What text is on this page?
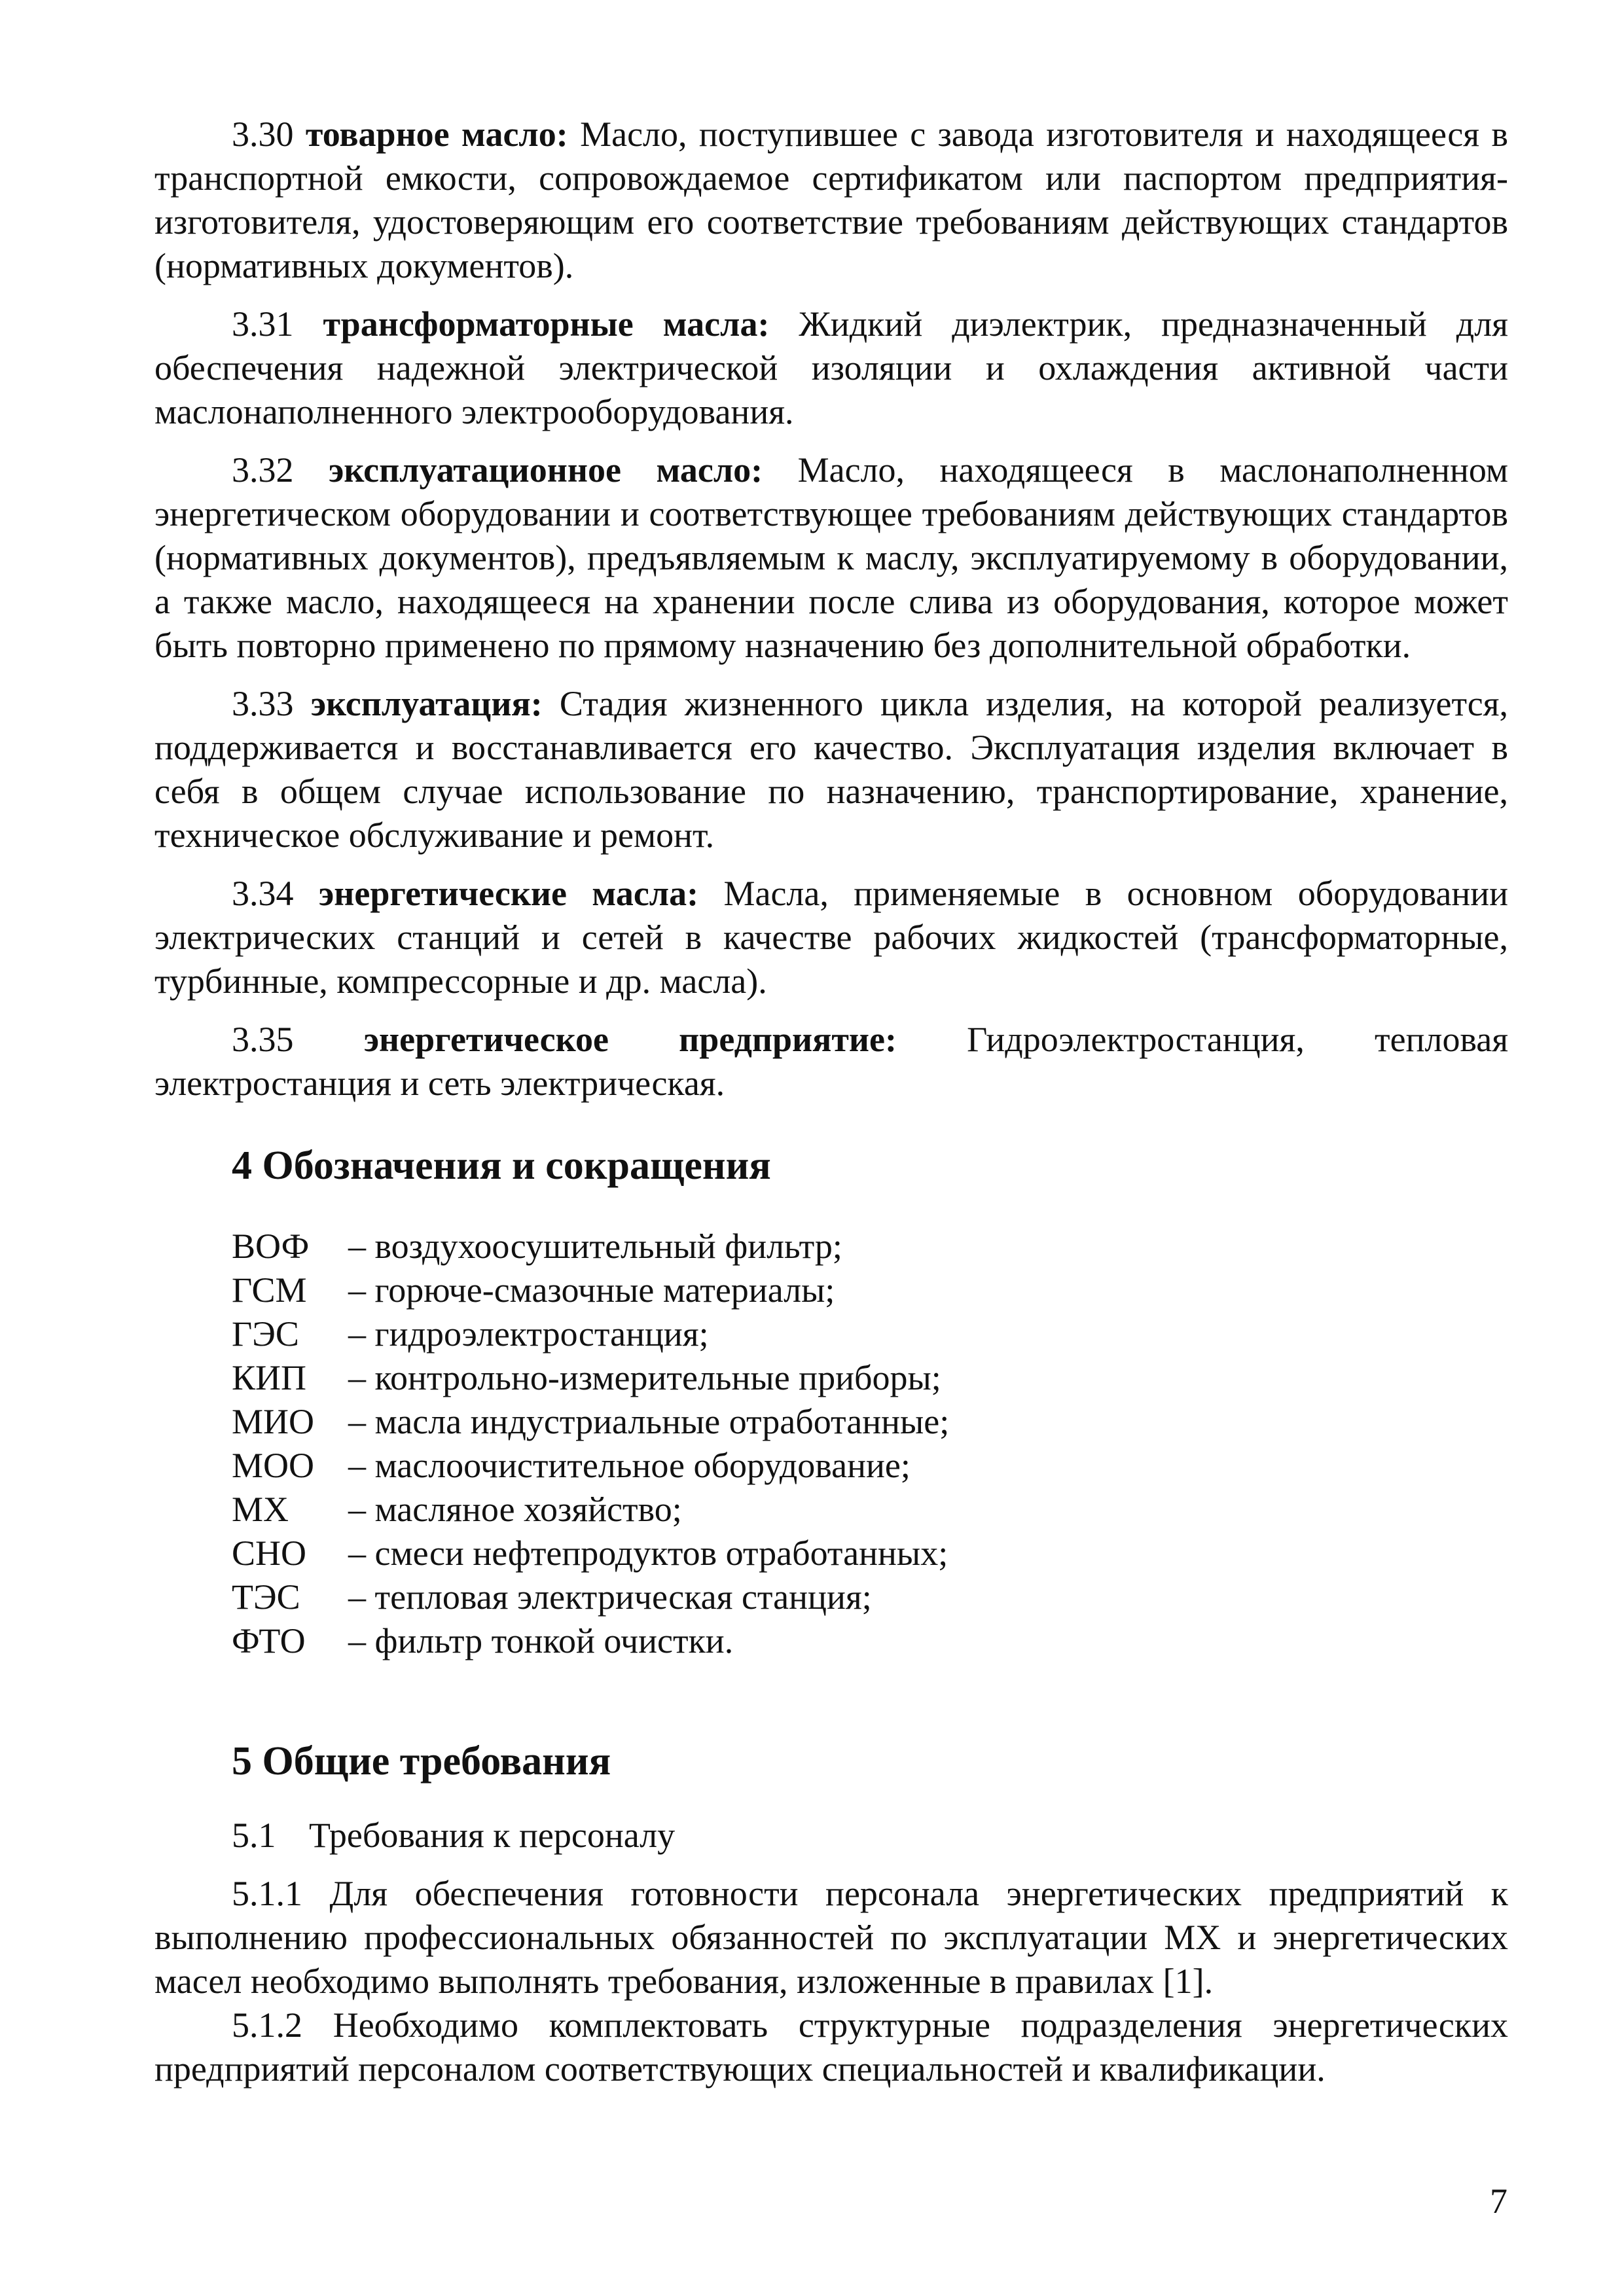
3.30 товарное масло: Масло, поступившее с завода изготовителя и находящееся в транспортной емкости, сопровождаемое сертификатом или паспортом предприятия-изготовителя, удостоверяющим его соответствие требованиям действующих стандартов (нормативных документов).

3.31 трансформаторные масла: Жидкий диэлектрик, предназначенный для обеспечения надежной электрической изоляции и охлаждения активной части маслонаполненного электрооборудования.

3.32 эксплуатационное масло: Масло, находящееся в маслонаполненном энергетическом оборудовании и соответствующее требованиям действующих стандартов (нормативных документов), предъявляемым к маслу, эксплуатируемому в оборудовании, а также масло, находящееся на хранении после слива из оборудования, которое может быть повторно применено по прямому назначению без дополнительной обработки.

3.33 эксплуатация: Стадия жизненного цикла изделия, на которой реализуется, поддерживается и восстанавливается его качество. Эксплуатация изделия включает в себя в общем случае использование по назначению, транспортирование, хранение, техническое обслуживание и ремонт.

3.34 энергетические масла: Масла, применяемые в основном оборудовании электрических станций и сетей в качестве рабочих жидкостей (трансформаторные, турбинные, компрессорные и др. масла).

3.35 энергетическое предприятие: Гидроэлектростанция, тепловая электростанция и сеть электрическая.

4 Обозначения и сокращения
ВОФ	– воздухоосушительный фильтр;
ГСМ	– горюче-смазочные материалы;
ГЭС	– гидроэлектростанция;
КИП	– контрольно-измерительные приборы;
МИО – масла индустриальные отработанные;
МОО – маслоочистительное оборудование;
МХ	– масляное хозяйство;
СНО	– смеси нефтепродуктов отработанных;
ТЭС	– тепловая электрическая станция;
ФТО	– фильтр тонкой очистки.
5 Общие требования

5.1 Требования к персоналу

5.1.1 Для обеспечения готовности персонала энергетических предприятий к выполнению профессиональных обязанностей по эксплуатации МХ и энергетических масел необходимо выполнять требования, изложенные в правилах [1].

5.1.2 Необходимо комплектовать структурные подразделения энергетических предприятий персоналом соответствующих специальностей и квалификации.

7
